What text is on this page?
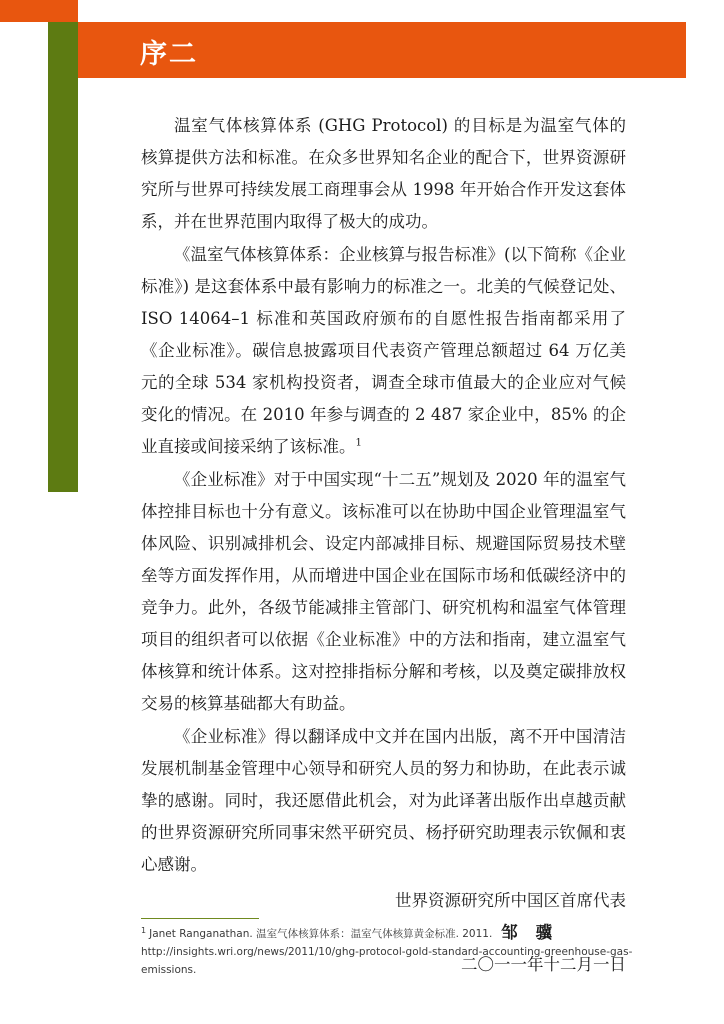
序二

温室气体核算体系 (GHG Protocol) 的目标是为温室气体的核算提供方法和标准。在众多世界知名企业的配合下，世界资源研究所与世界可持续发展工商理事会从 1998 年开始合作开发这套体系，并在世界范围内取得了极大的成功。

《温室气体核算体系：企业核算与报告标准》(以下简称《企业标准》) 是这套体系中最有影响力的标准之一。北美的气候登记处、ISO 14064–1 标准和英国政府颁布的自愿性报告指南都采用了《企业标准》。碳信息披露项目代表资产管理总额超过 64 万亿美元的全球 534 家机构投资者，调查全球市值最大的企业应对气候变化的情况。在 2010 年参与调查的 2 487 家企业中，85% 的企业直接或间接采纳了该标准。$^1$

《企业标准》对于中国实现“十二五”规划及 2020 年的温室气体控排目标也十分有意义。该标准可以在协助中国企业管理温室气体风险、识别减排机会、设定内部减排目标、规避国际贸易技术壁垒等方面发挥作用，从而增进中国企业在国际市场和低碳经济中的竞争力。此外，各级节能减排主管部门、研究机构和温室气体管理项目的组织者可以依据《企业标准》中的方法和指南，建立温室气体核算和统计体系。这对控排指标分解和考核，以及奠定碳排放权交易的核算基础都大有助益。

《企业标准》得以翻译成中文并在国内出版，离不开中国清洁发展机制基金管理中心领导和研究人员的努力和协助，在此表示诚挚的感谢。同时，我还愿借此机会，对为此译著出版作出卓越贡献的世界资源研究所同事宋然平研究员、杨抒研究助理表示钦佩和衷心感谢。

世界资源研究所中国区首席代表
邹 骥
二〇一一年十二月一日
$^1$ Janet Ranganathan. 温室气体核算体系：温室气体核算黄金标准. 2011. http://insights.wri.org/news/2011/10/ghg-protocol-gold-standard-accounting-greenhouse-gas-emissions.
